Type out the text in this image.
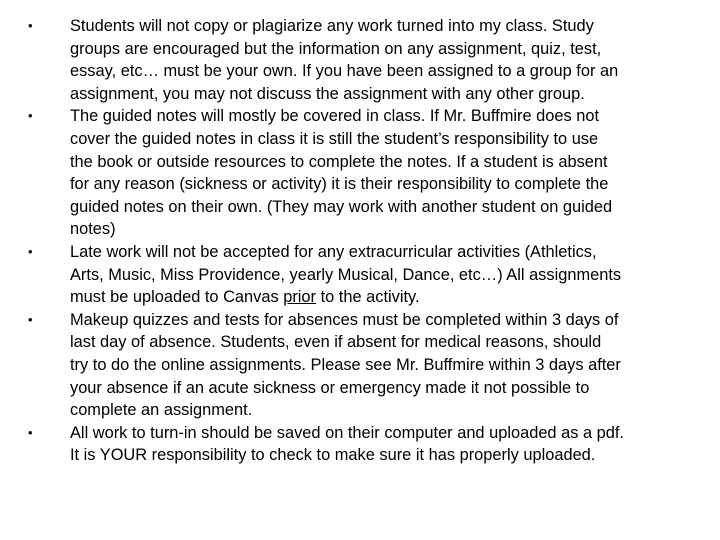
• Students will not copy or plagiarize any work turned into my class. Study
groups are encouraged but the information on any assignment, quiz, test,
essay, etc… must be your own. If you have been assigned to a group for an
assignment, you may not discuss the assignment with any other group.
• The guided notes will mostly be covered in class. If Mr. Buffmire does not
cover the guided notes in class it is still the student’s responsibility to use
the book or outside resources to complete the notes. If a student is absent
for any reason (sickness or activity) it is their responsibility to complete the
guided notes on their own. (They may work with another student on guided
notes)
• Late work will not be accepted for any extracurricular activities (Athletics,
Arts, Music, Miss Providence, yearly Musical, Dance, etc…) All assignments
must be uploaded to Canvas prior to the activity.
• Makeup quizzes and tests for absences must be completed within 3 days of
last day of absence. Students, even if absent for medical reasons, should
try to do the online assignments. Please see Mr. Buffmire within 3 days after
your absence if an acute sickness or emergency made it not possible to
complete an assignment.
• All work to turn-in should be saved on their computer and uploaded as a pdf.
It is YOUR responsibility to check to make sure it has properly uploaded.
